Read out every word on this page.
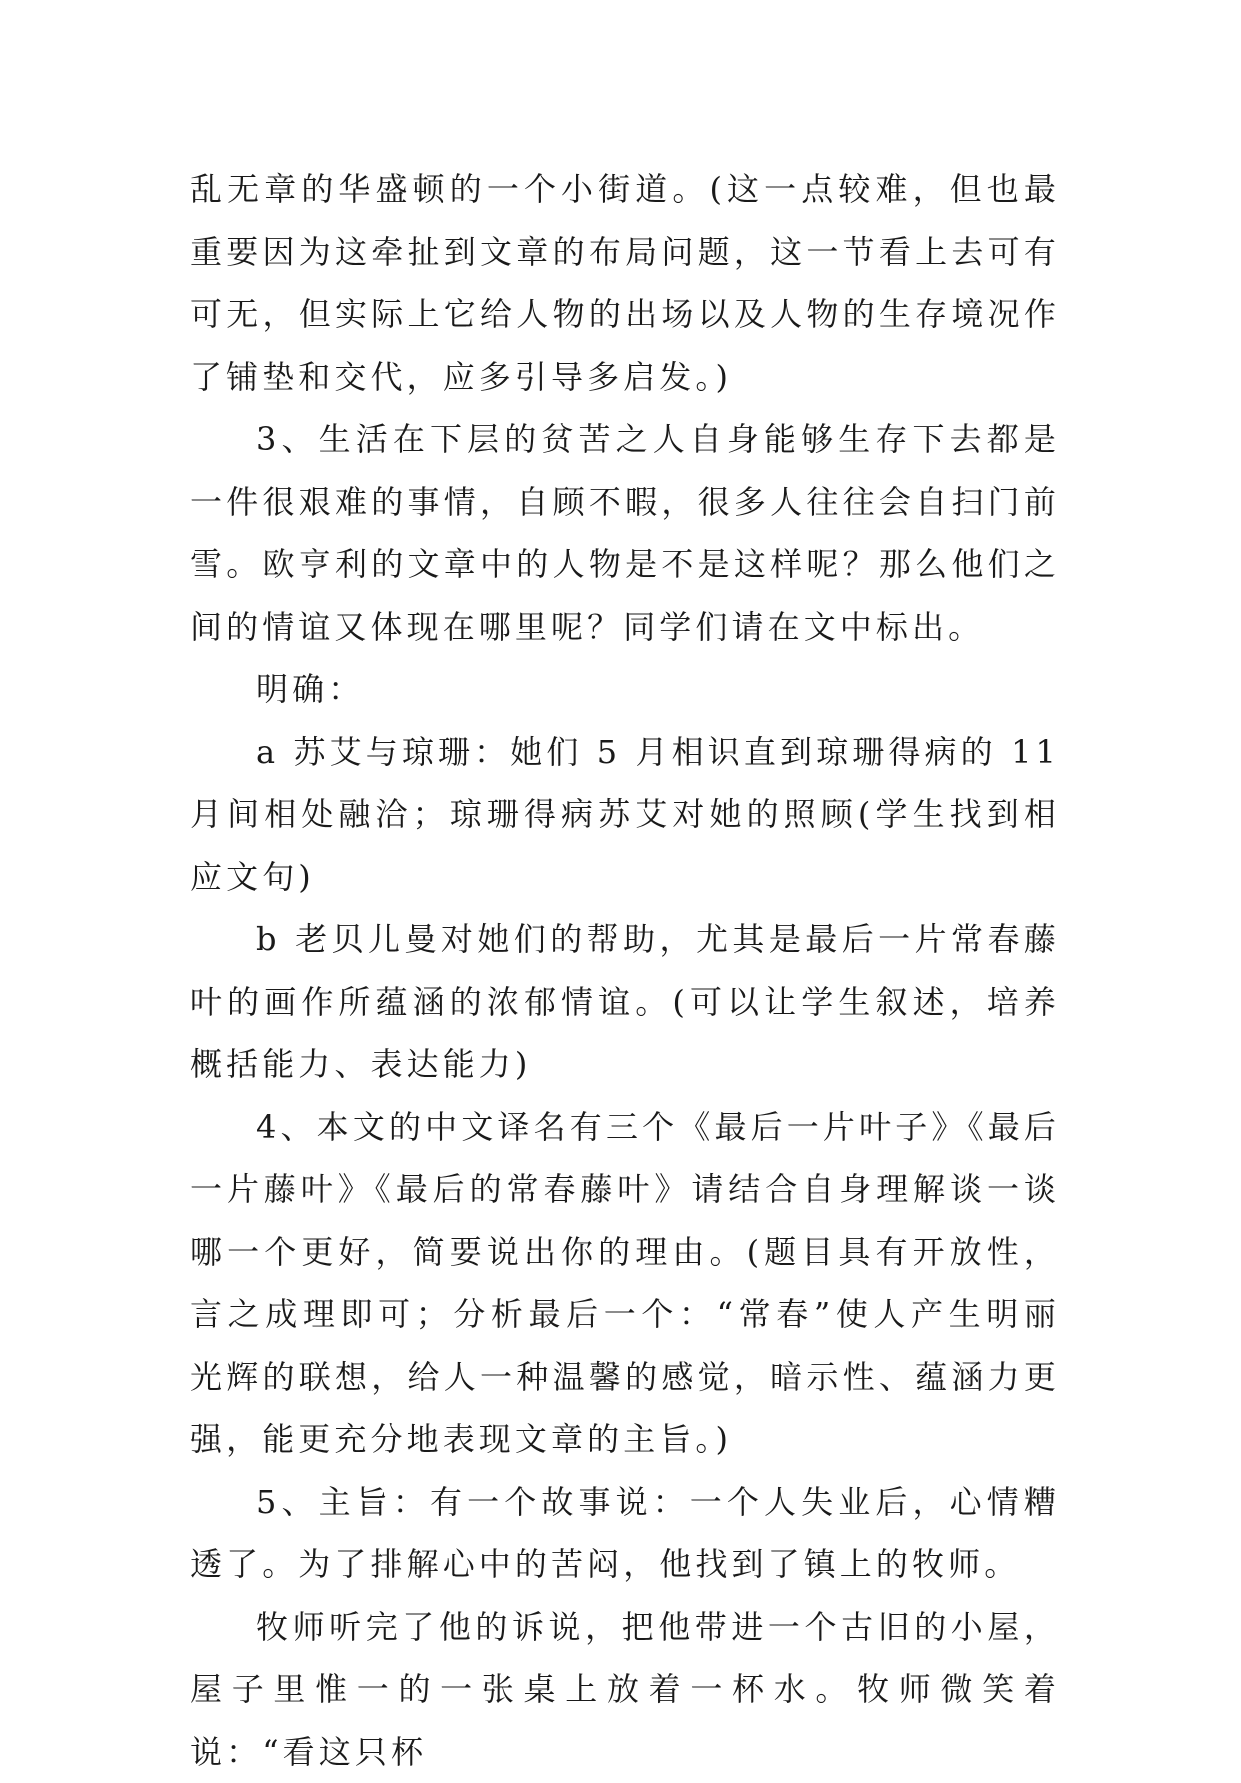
乱无章的华盛顿的一个小街道。(这一点较难，但也最重要因为这牵扯到文章的布局问题，这一节看上去可有可无，但实际上它给人物的出场以及人物的生存境况作了铺垫和交代，应多引导多启发。)

3、生活在下层的贫苦之人自身能够生存下去都是一件很艰难的事情，自顾不暇，很多人往往会自扫门前雪。欧亨利的文章中的人物是不是这样呢？那么他们之间的情谊又体现在哪里呢？同学们请在文中标出。

明确：

a 苏艾与琼珊：她们 5 月相识直到琼珊得病的 11 月间相处融洽；琼珊得病苏艾对她的照顾(学生找到相应文句)

b 老贝儿曼对她们的帮助，尤其是最后一片常春藤叶的画作所蕴涵的浓郁情谊。(可以让学生叙述，培养概括能力、表达能力)

4、本文的中文译名有三个《最后一片叶子》《最后一片藤叶》《最后的常春藤叶》请结合自身理解谈一谈哪一个更好，简要说出你的理由。(题目具有开放性，言之成理即可；分析最后一个：“常春”使人产生明丽光辉的联想，给人一种温馨的感觉，暗示性、蕴涵力更强，能更充分地表现文章的主旨。)

5、主旨：有一个故事说：一个人失业后，心情糟透了。为了排解心中的苦闷，他找到了镇上的牧师。

牧师听完了他的诉说，把他带进一个古旧的小屋，屋子里惟一的一张桌上放着一杯水。牧师微笑着说：“看这只杯
